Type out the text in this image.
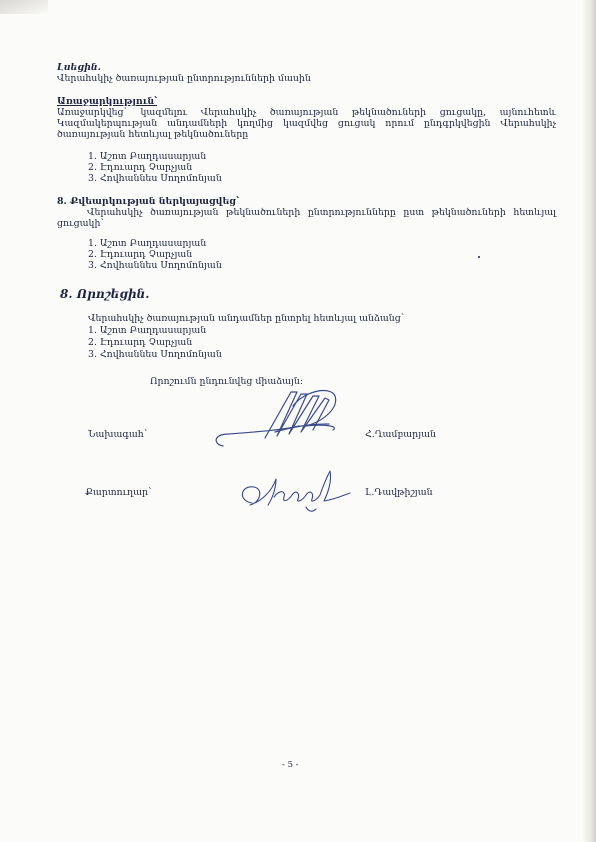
Լսեցին.

Վերահսկիչ ծառայության ընտրությունների մասին

Առաջարկություն՝

Առաջարկվեց՝ կազմելու Վերահսկիչ ծառայության թեկնածուների ցուցակը, այնուհետև Կազմակերպության անդամների կողմից կազմվեց ցուցակ որում ընդգրկվեցին Վերահսկիչ ծառայության հետևյալ թեկնածուները

1. Աշոտ Բաղդասարյան

2. Էդուարդ Չարչյան

3. Հովհաննես Սողոմոնյան

8. Քվեարկության ներկայացվեց՝

Վերահսկիչ ծառայության թեկնածուների ընտրությունները ըստ թեկնածուների հետևյալ ցուցակի՝

1. Աշոտ Բաղդասարյան

2. Էդուարդ Չարչյան

3. Հովհաննես Սողոմոնյան

8. Որոշեցին.

Վերահսկիչ ծառայության անդամներ ընտրել հետևյալ անձանց՝

1. Աշոտ Բաղդասարյան

2. Էդուարդ Չարչյան

3. Հովհաննես Սողոմոնյան

Որոշումն ընդունվեց միաձայն:

Նախագահ՝	Հ.Ղամբարյան

Քարտուղար՝	Լ.Դավթիշյան

- 5 -
